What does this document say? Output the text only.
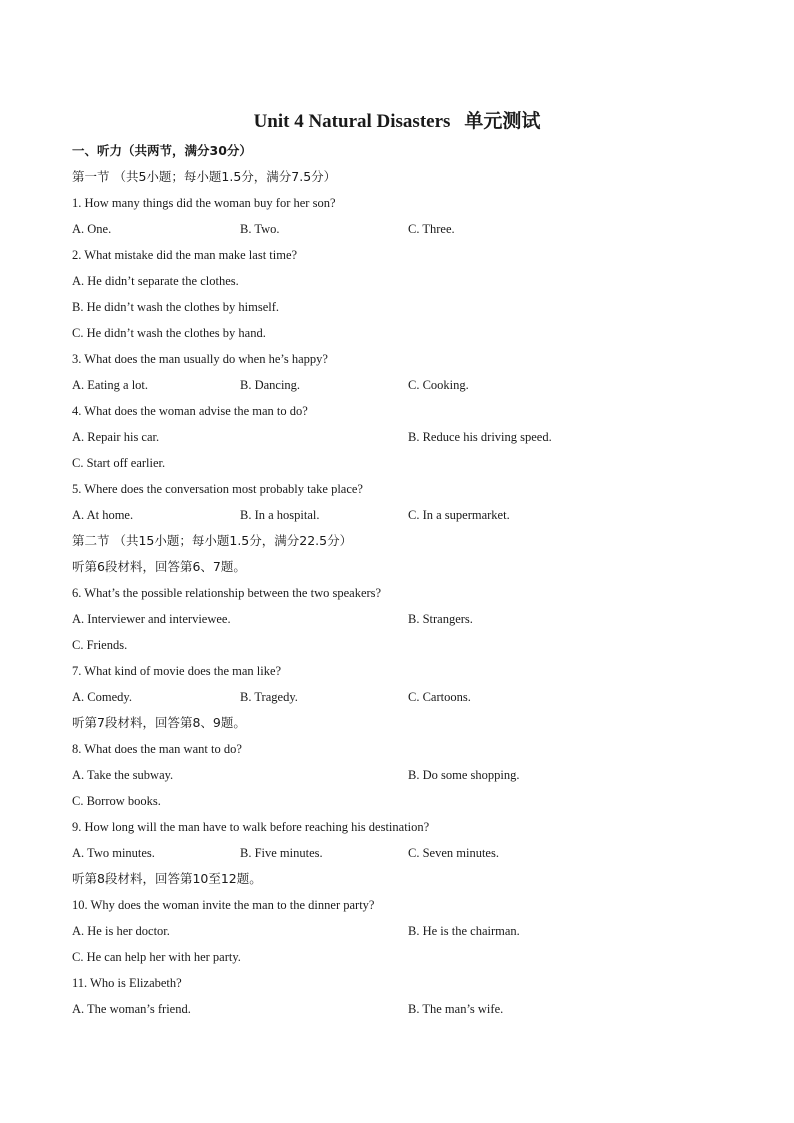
Unit 4 Natural Disasters 单元测试
一、听力（共两节，满分30分）
第一节 （共5小题；每小题1.5分，满分7.5分）
1. How many things did the woman buy for her son?
A. One.	B. Two.	C. Three.
2. What mistake did the man make last time?
A. He didn’t separate the clothes.
B. He didn’t wash the clothes by himself.
C. He didn’t wash the clothes by hand.
3. What does the man usually do when he’s happy?
A. Eating a lot.	B. Dancing.	C. Cooking.
4. What does the woman advise the man to do?
A. Repair his car.	B. Reduce his driving speed.
C. Start off earlier.
5. Where does the conversation most probably take place?
A. At home.	B. In a hospital.	C. In a supermarket.
第二节 （共15小题；每小题1.5分，满分22.5分）
听第6段材料，回答第6、7题。
6. What’s the possible relationship between the two speakers?
A. Interviewer and interviewee.	B. Strangers.
C. Friends.
7. What kind of movie does the man like?
A. Comedy.	B. Tragedy.	C. Cartoons.
听第7段材料，回答第8、9题。
8. What does the man want to do?
A. Take the subway.	B. Do some shopping.
C. Borrow books.
9. How long will the man have to walk before reaching his destination?
A. Two minutes.	B. Five minutes.	C. Seven minutes.
听第8段材料，回答第10至12题。
10. Why does the woman invite the man to the dinner party?
A. He is her doctor.	B. He is the chairman.
C. He can help her with her party.
11. Who is Elizabeth?
A. The woman’s friend.	B. The man’s wife.
